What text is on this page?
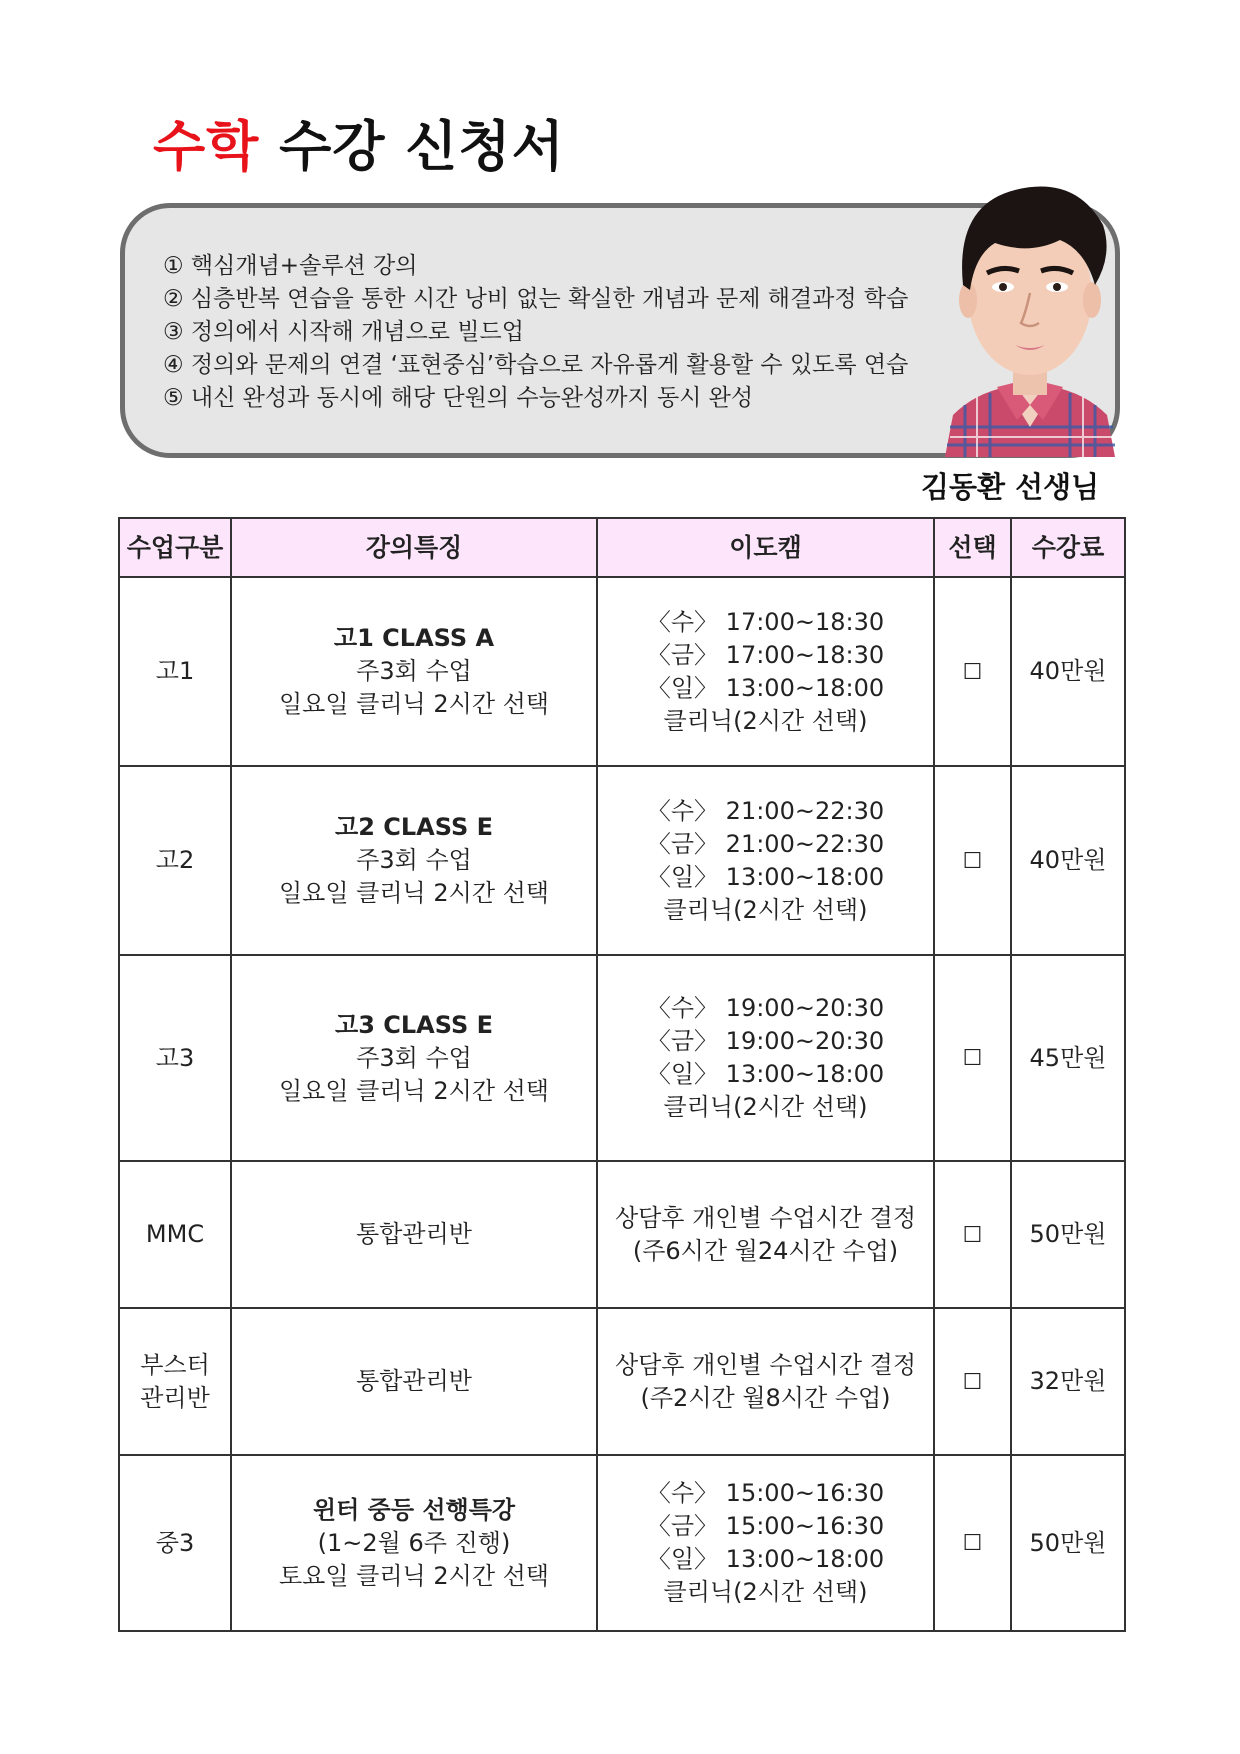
수학 수강 신청서
① 핵심개념+솔루션 강의
② 심층반복 연습을 통한 시간 낭비 없는 확실한 개념과 문제 해결과정 학습
③ 정의에서 시작해 개념으로 빌드업
④ 정의와 문제의 연결 ‘표현중심’학습으로 자유롭게 활용할 수 있도록 연습
⑤ 내신 완성과 동시에 해당 단원의 수능완성까지 동시 완성
김동환 선생님
수업구분	강의특징	이도캠	선택	수강료

고1	고1 CLASS A
주3회 수업
일요일 클리닉 2시간 선택	〈수〉 17:00~18:30
〈금〉 17:00~18:30
〈일〉 13:00~18:00
클리닉(2시간 선택)	☐	40만원

고2	고2 CLASS E
주3회 수업
일요일 클리닉 2시간 선택	〈수〉 21:00~22:30
〈금〉 21:00~22:30
〈일〉 13:00~18:00
클리닉(2시간 선택)	☐	40만원

고3	고3 CLASS E
주3회 수업
일요일 클리닉 2시간 선택	〈수〉 19:00~20:30
〈금〉 19:00~20:30
〈일〉 13:00~18:00
클리닉(2시간 선택)	☐	45만원

MMC	통합관리반	상담후 개인별 수업시간 결정
(주6시간 월24시간 수업)	☐	50만원

부스터
관리반	통합관리반	상담후 개인별 수업시간 결정
(주2시간 월8시간 수업)	☐	32만원

중3	윈터 중등 선행특강
(1~2월 6주 진행)
토요일 클리닉 2시간 선택	〈수〉 15:00~16:30
〈금〉 15:00~16:30
〈일〉 13:00~18:00
클리닉(2시간 선택)	☐	50만원
